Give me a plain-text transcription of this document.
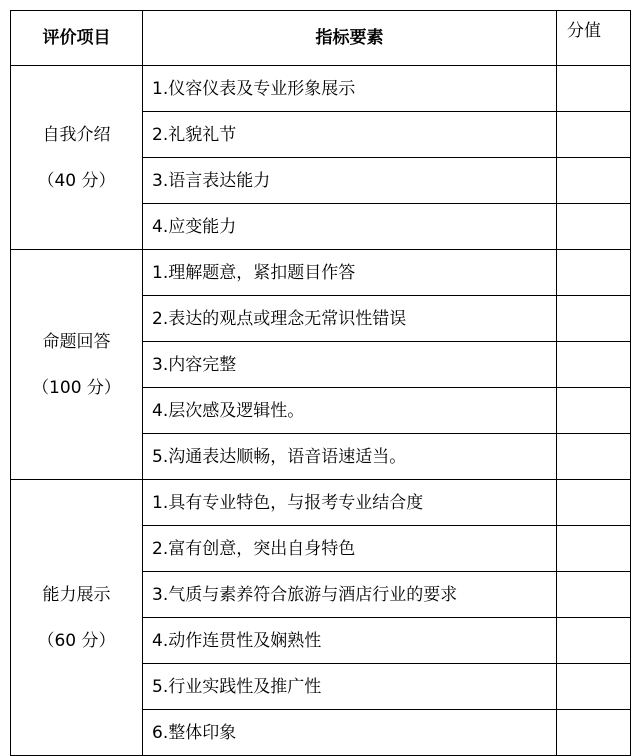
评价项目	指标要素	分值

自我介绍
（40 分）	1.仪容仪表及专业形象展示	
	2.礼貌礼节	
	3.语言表达能力	
	4.应变能力	

命题回答
（100 分）	1.理解题意，紧扣题目作答	
	2.表达的观点或理念无常识性错误	
	3.内容完整	
	4.层次感及逻辑性。	
	5.沟通表达顺畅，语音语速适当。	

能力展示
（60 分）	1.具有专业特色，与报考专业结合度	
	2.富有创意，突出自身特色	
	3.气质与素养符合旅游与酒店行业的要求	
	4.动作连贯性及娴熟性	
	5.行业实践性及推广性	
	6.整体印象	
